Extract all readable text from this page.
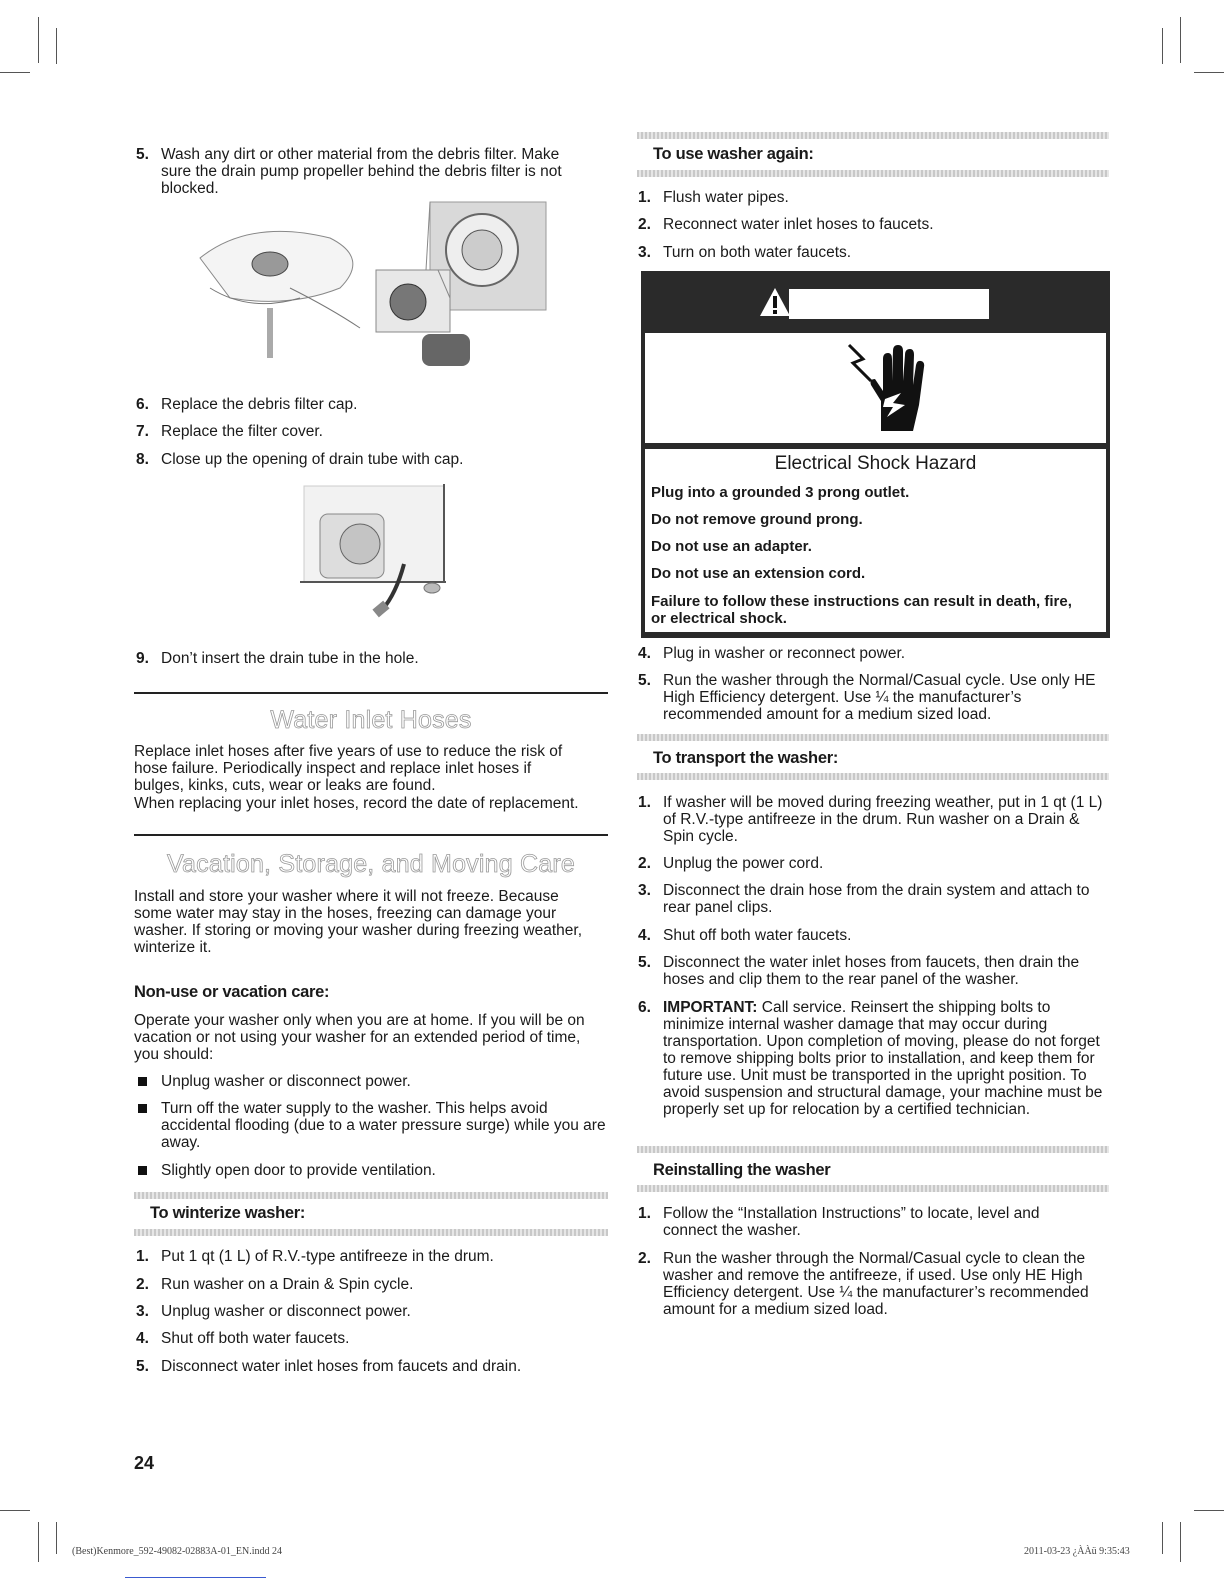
5. Wash any dirt or other material from the debris filter. Make sure the drain pump propeller behind the debris filter is not blocked.
6. Replace the debris filter cap.
7. Replace the filter cover.
8. Close up the opening of drain tube with cap.
9. Don’t insert the drain tube in the hole.
Water Inlet Hoses
Replace inlet hoses after five years of use to reduce the risk of hose failure. Periodically inspect and replace inlet hoses if bulges, kinks, cuts, wear or leaks are found.
When replacing your inlet hoses, record the date of replacement.
Vacation, Storage, and Moving Care
Install and store your washer where it will not freeze. Because some water may stay in the hoses, freezing can damage your washer. If storing or moving your washer during freezing weather, winterize it.
Non-use or vacation care:
Operate your washer only when you are at home. If you will be on vacation or not using your washer for an extended period of time, you should:
Unplug washer or disconnect power.
Turn off the water supply to the washer. This helps avoid accidental flooding (due to a water pressure surge) while you are away.
Slightly open door to provide ventilation.
To winterize washer:
1. Put 1 qt (1 L) of R.V.-type antifreeze in the drum.
2. Run washer on a Drain & Spin cycle.
3. Unplug washer or disconnect power.
4. Shut off both water faucets.
5. Disconnect water inlet hoses from faucets and drain.
24
To use washer again:
1. Flush water pipes.
2. Reconnect water inlet hoses to faucets.
3. Turn on both water faucets.
Electrical Shock Hazard
Plug into a grounded 3 prong outlet.
Do not remove ground prong.
Do not use an adapter.
Do not use an extension cord.
Failure to follow these instructions can result in death, fire, or electrical shock.
4. Plug in washer or reconnect power.
5. Run the washer through the Normal/Casual cycle. Use only HE High Efficiency detergent. Use ¼ the manufacturer’s recommended amount for a medium sized load.
To transport the washer:
1. If washer will be moved during freezing weather, put in 1 qt (1 L) of R.V.-type antifreeze in the drum. Run washer on a Drain & Spin cycle.
2. Unplug the power cord.
3. Disconnect the drain hose from the drain system and attach to rear panel clips.
4. Shut off both water faucets.
5. Disconnect the water inlet hoses from faucets, then drain the hoses and clip them to the rear panel of the washer.
6. IMPORTANT: Call service. Reinsert the shipping bolts to minimize internal washer damage that may occur during transportation. Upon completion of moving, please do not forget to remove shipping bolts prior to installation, and keep them for future use. Unit must be transported in the upright position. To avoid suspension and structural damage, your machine must be properly set up for relocation by a certified technician.
Reinstalling the washer
1. Follow the “Installation Instructions” to locate, level and connect the washer.
2. Run the washer through the Normal/Casual cycle to clean the washer and remove the antifreeze, if used. Use only HE High Efficiency detergent. Use ¼ the manufacturer’s recommended amount for a medium sized load.
(Best)Kenmore_592-49082-02883A-01_EN.indd 24	2011-03-23 ¿ÀÀü 9:35:43
